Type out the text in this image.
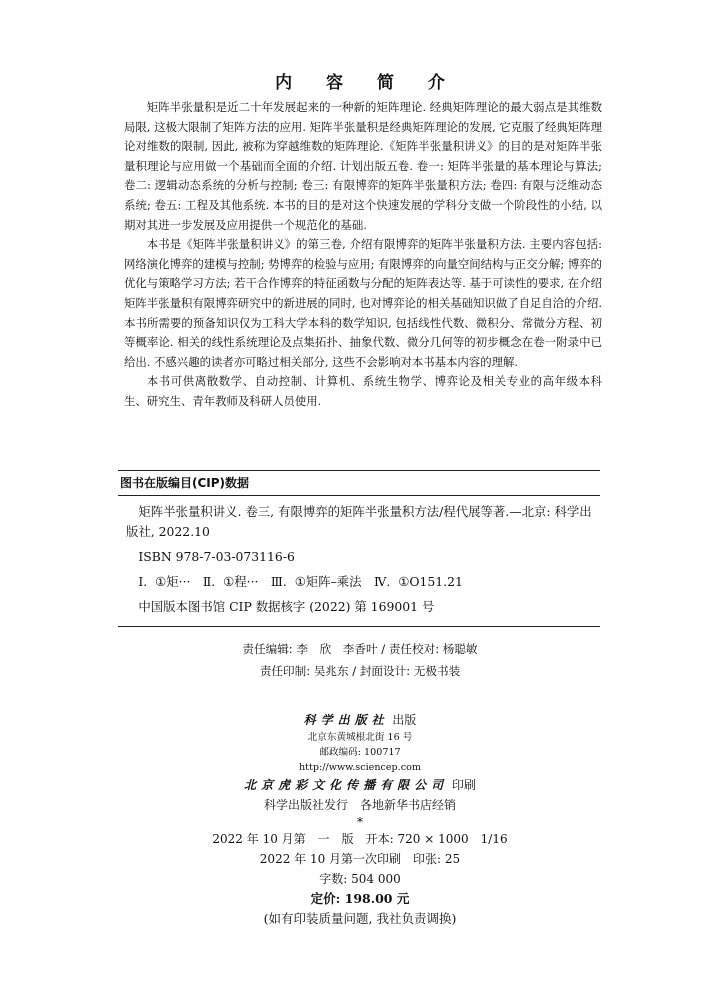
内 容 简 介

矩阵半张量积是近二十年发展起来的一种新的矩阵理论. 经典矩阵理论的最大弱点是其维数局限, 这极大限制了矩阵方法的应用. 矩阵半张量积是经典矩阵理论的发展, 它克服了经典矩阵理论对维数的限制, 因此, 被称为穿越维数的矩阵理论.《矩阵半张量积讲义》的目的是对矩阵半张量积理论与应用做一个基础而全面的介绍. 计划出版五卷. 卷一: 矩阵半张量的基本理论与算法; 卷二: 逻辑动态系统的分析与控制; 卷三: 有限博弈的矩阵半张量积方法; 卷四: 有限与泛维动态系统; 卷五: 工程及其他系统. 本书的目的是对这个快速发展的学科分支做一个阶段性的小结, 以期对其进一步发展及应用提供一个规范化的基础.

本书是《矩阵半张量积讲义》的第三卷, 介绍有限博弈的矩阵半张量积方法. 主要内容包括: 网络演化博弈的建模与控制; 势博弈的检验与应用; 有限博弈的向量空间结构与正交分解; 博弈的优化与策略学习方法; 若干合作博弈的特征函数与分配的矩阵表达等. 基于可读性的要求, 在介绍矩阵半张量积有限博弈研究中的新进展的同时, 也对博弈论的相关基础知识做了自足自洽的介绍. 本书所需要的预备知识仅为工科大学本科的数学知识, 包括线性代数、微积分、常微分方程、初等概率论. 相关的线性系统理论及点集拓扑、抽象代数、微分几何等的初步概念在卷一附录中已给出. 不感兴趣的读者亦可略过相关部分, 这些不会影响对本书基本内容的理解.

本书可供离散数学、自动控制、计算机、系统生物学、博弈论及相关专业的高年级本科生、研究生、青年教师及科研人员使用.

图书在版编目(CIP)数据
矩阵半张量积讲义. 卷三, 有限博弈的矩阵半张量积方法/程代展等著.—北京: 科学出版社, 2022.10
ISBN 978-7-03-073116-6
Ⅰ. ①矩···　Ⅱ. ①程···　Ⅲ. ①矩阵–乘法　Ⅳ. ①O151.21
中国版本图书馆 CIP 数据核字 (2022) 第 169001 号
责任编辑: 李　欣　李香叶 / 责任校对: 杨聪敏
责任印制: 吴兆东 / 封面设计: 无极书装
科学出版社 出版
北京东黄城根北街 16 号
邮政编码: 100717
http://www.sciencep.com
北京虎彩文化传播有限公司 印刷
科学出版社发行　各地新华书店经销
*
2022 年 10 月第　一　版　开本: 720 × 1000　1/16
2022 年 10 月第一次印刷　印张: 25
字数: 504 000
定价: 198.00 元
(如有印装质量问题, 我社负责调换)
